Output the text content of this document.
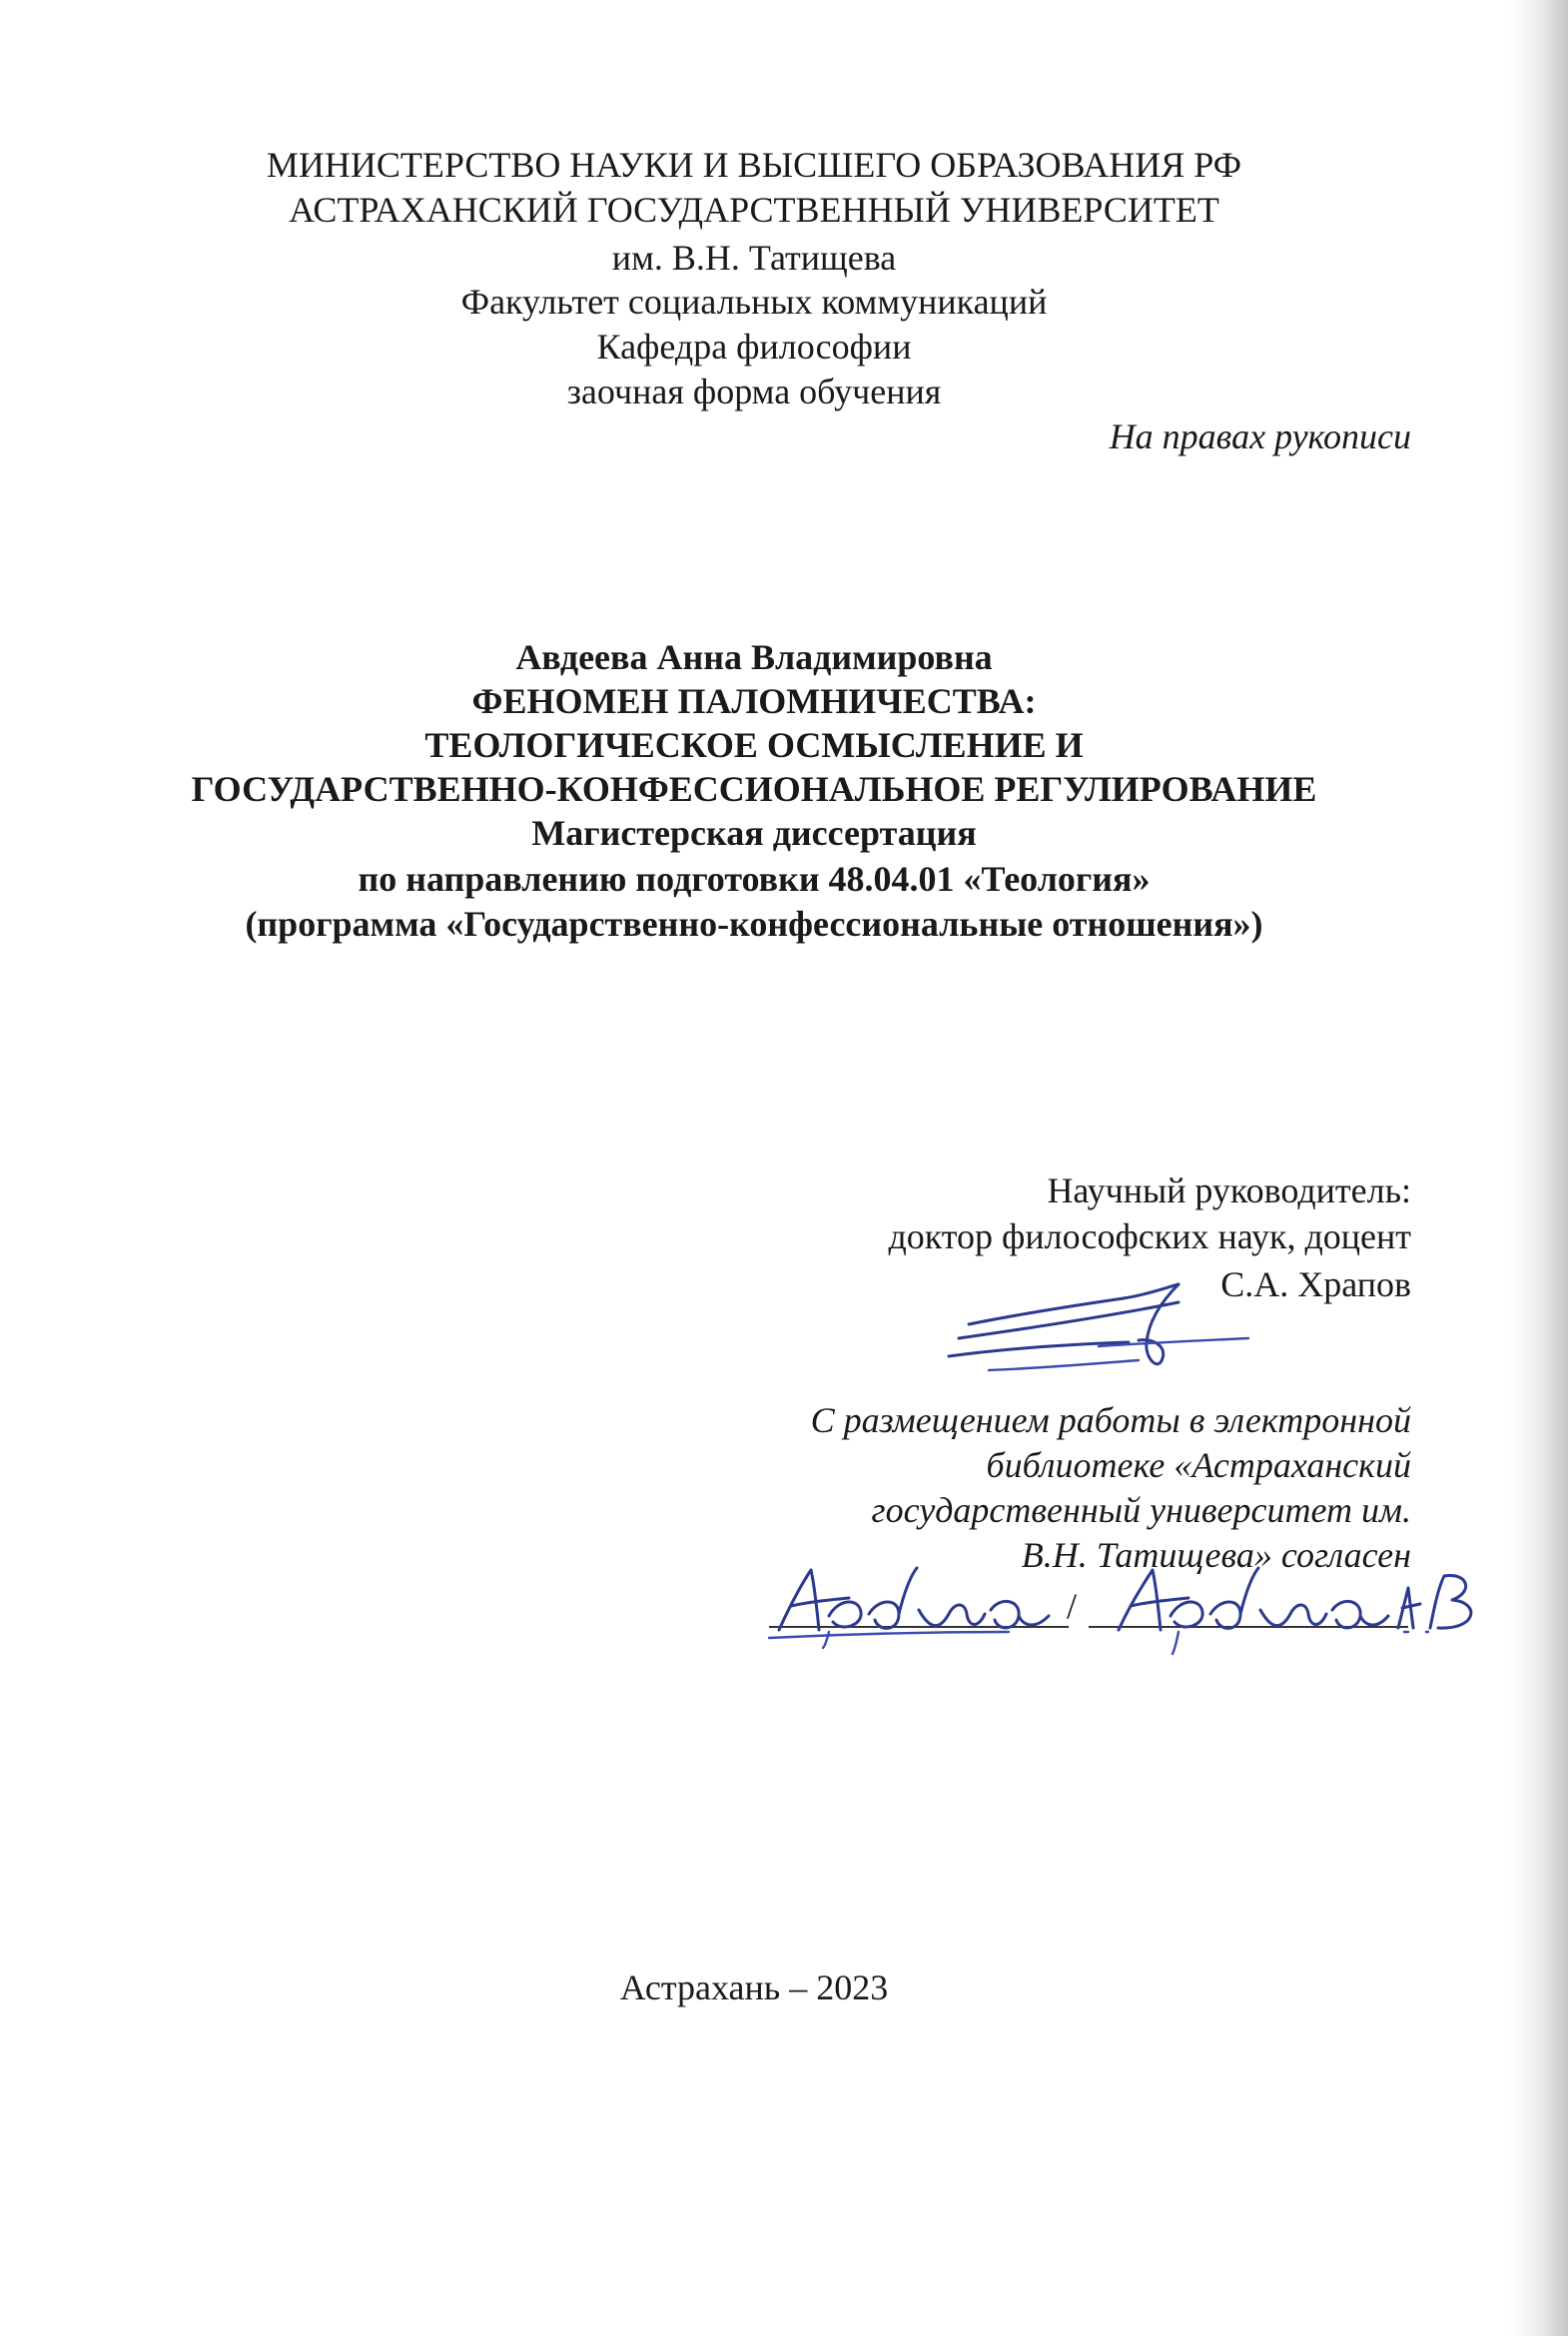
МИНИСТЕРСТВО НАУКИ И ВЫСШЕГО ОБРАЗОВАНИЯ РФ
АСТРАХАНСКИЙ ГОСУДАРСТВЕННЫЙ УНИВЕРСИТЕТ
им. В.Н. Татищева
Факультет социальных коммуникаций
Кафедра философии
заочная форма обучения
На правах рукописи
Авдеева Анна Владимировна
ФЕНОМЕН ПАЛОМНИЧЕСТВА:
ТЕОЛОГИЧЕСКОЕ ОСМЫСЛЕНИЕ И
ГОСУДАРСТВЕННО-КОНФЕССИОНАЛЬНОЕ РЕГУЛИРОВАНИЕ
Магистерская диссертация
по направлению подготовки 48.04.01 «Теология»
(программа «Государственно-конфессиональные отношения»)
Научный руководитель:
доктор философских наук, доцент
С.А. Храпов
С размещением работы в электронной
библиотеке «Астраханский
государственный университет им.
В.Н. Татищева» согласен
/
Астрахань – 2023
